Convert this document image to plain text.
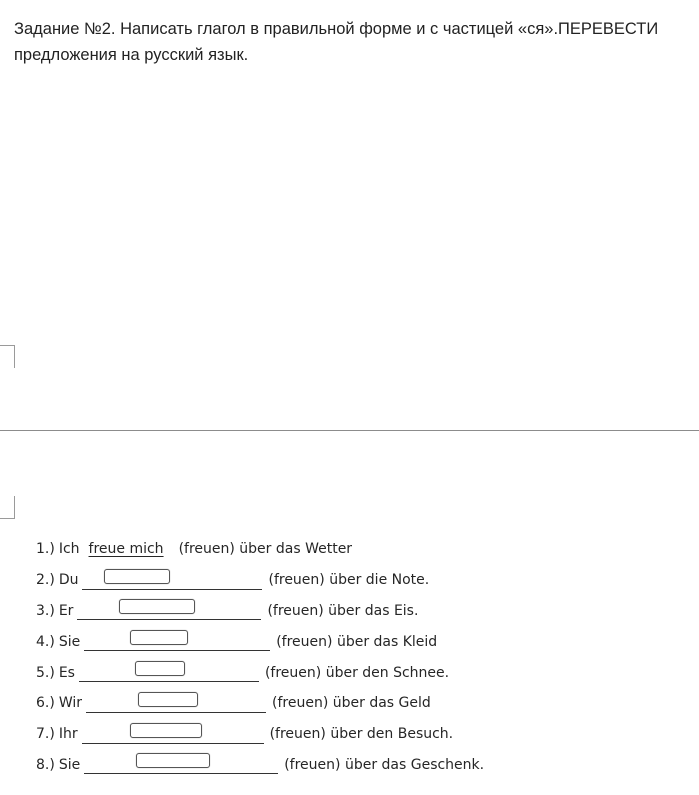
Задание №2. Написать глагол в правильной форме и с частицей «ся».ПЕРЕВЕСТИ предложения на русский язык.
1.) Ich freue mich (freuen) über das Wetter
2.) Du	(freuen) über die Note.
3.) Er	(freuen) über das Eis.
4.) Sie	(freuen) über das Kleid
5.) Es	(freuen) über den Schnee.
6.) Wir	(freuen) über das Geld
7.) Ihr	(freuen) über den Besuch.
8.) Sie	(freuen) über das Geschenk.
